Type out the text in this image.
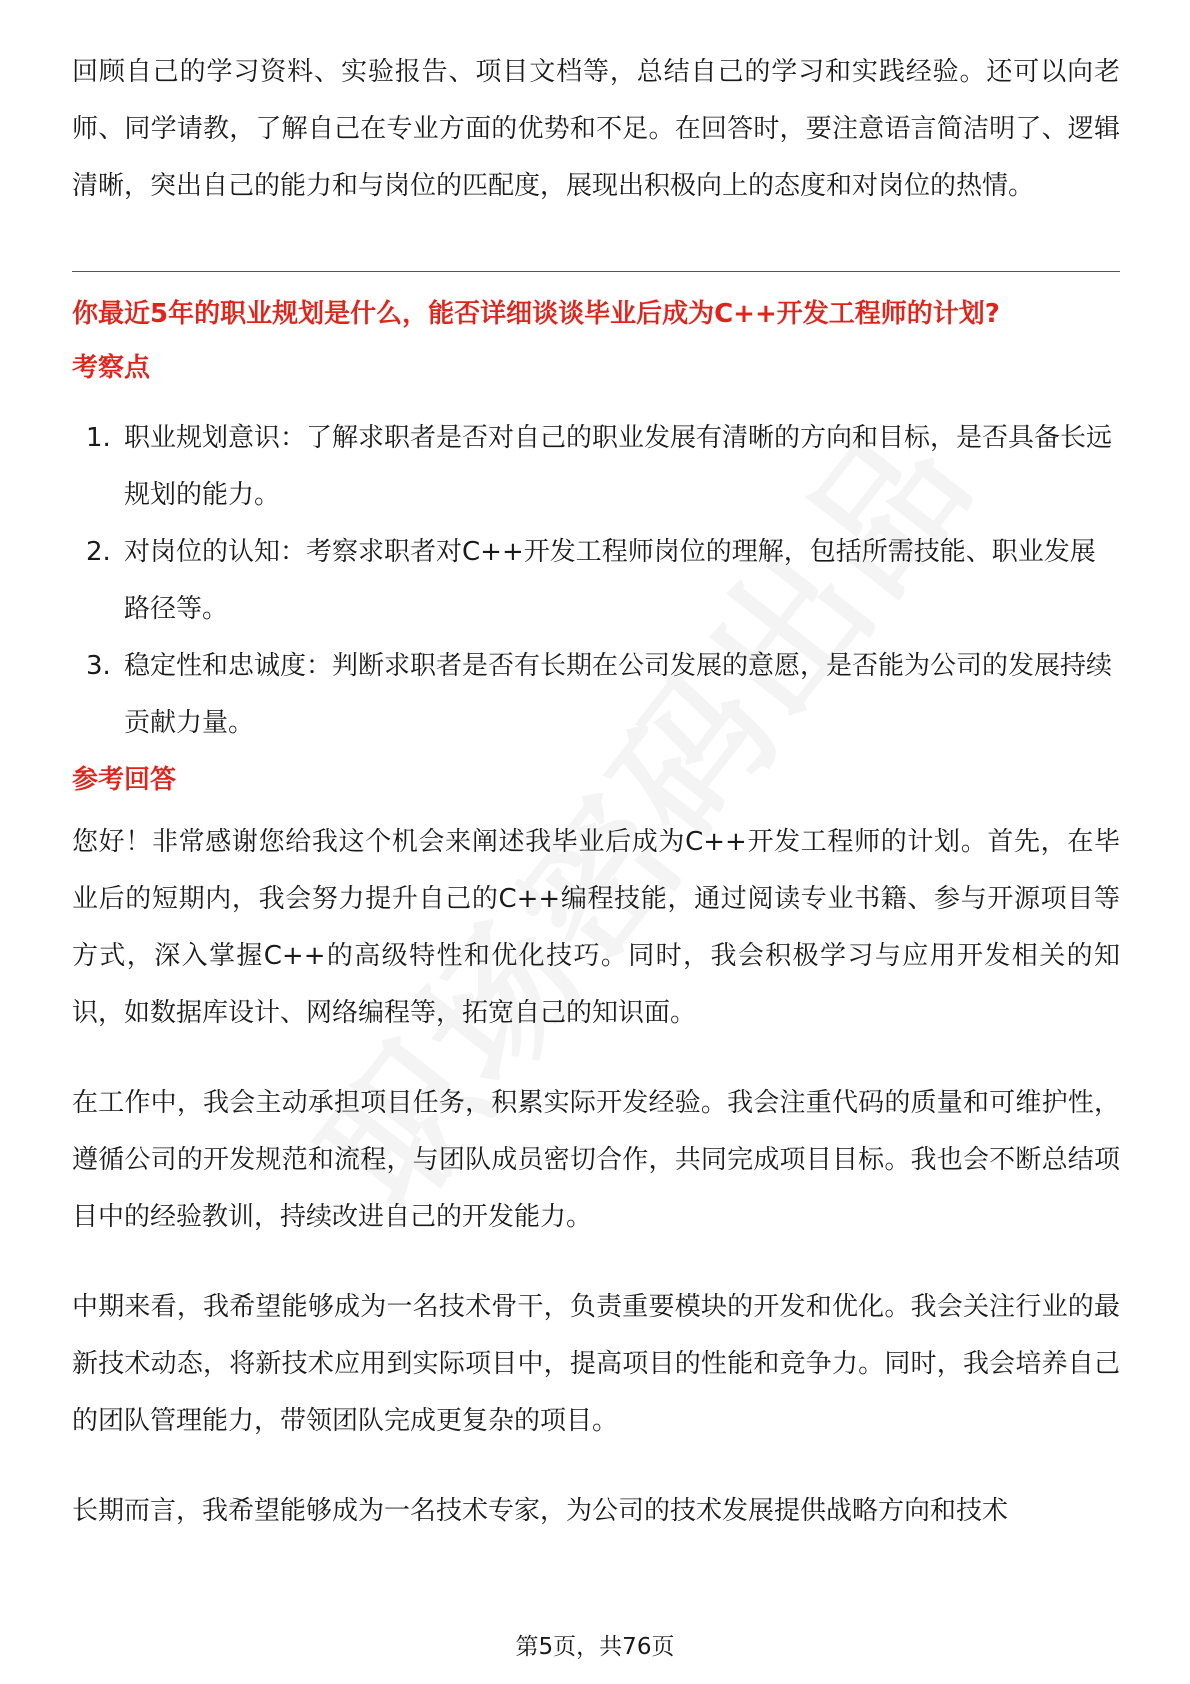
回顾自己的学习资料、实验报告、项目文档等，总结自己的学习和实践经验。还可以向老师、同学请教，了解自己在专业方面的优势和不足。在回答时，要注意语言简洁明了、逻辑清晰，突出自己的能力和与岗位的匹配度，展现出积极向上的态度和对岗位的热情。

你最近5年的职业规划是什么，能否详细谈谈毕业后成为C++开发工程师的计划?

考察点

1. 职业规划意识：了解求职者是否对自己的职业发展有清晰的方向和目标，是否具备长远规划的能力。
2. 对岗位的认知：考察求职者对C++开发工程师岗位的理解，包括所需技能、职业发展路径等。
3. 稳定性和忠诚度：判断求职者是否有长期在公司发展的意愿，是否能为公司的发展持续贡献力量。

参考回答

您好！非常感谢您给我这个机会来阐述我毕业后成为C++开发工程师的计划。首先，在毕业后的短期内，我会努力提升自己的C++编程技能，通过阅读专业书籍、参与开源项目等方式，深入掌握C++的高级特性和优化技巧。同时，我会积极学习与应用开发相关的知识，如数据库设计、网络编程等，拓宽自己的知识面。

在工作中，我会主动承担项目任务，积累实际开发经验。我会注重代码的质量和可维护性，遵循公司的开发规范和流程，与团队成员密切合作，共同完成项目目标。我也会不断总结项目中的经验教训，持续改进自己的开发能力。

中期来看，我希望能够成为一名技术骨干，负责重要模块的开发和优化。我会关注行业的最新技术动态，将新技术应用到实际项目中，提高项目的性能和竞争力。同时，我会培养自己的团队管理能力，带领团队完成更复杂的项目。

长期而言，我希望能够成为一名技术专家，为公司的技术发展提供战略方向和技术

第5页，共76页
